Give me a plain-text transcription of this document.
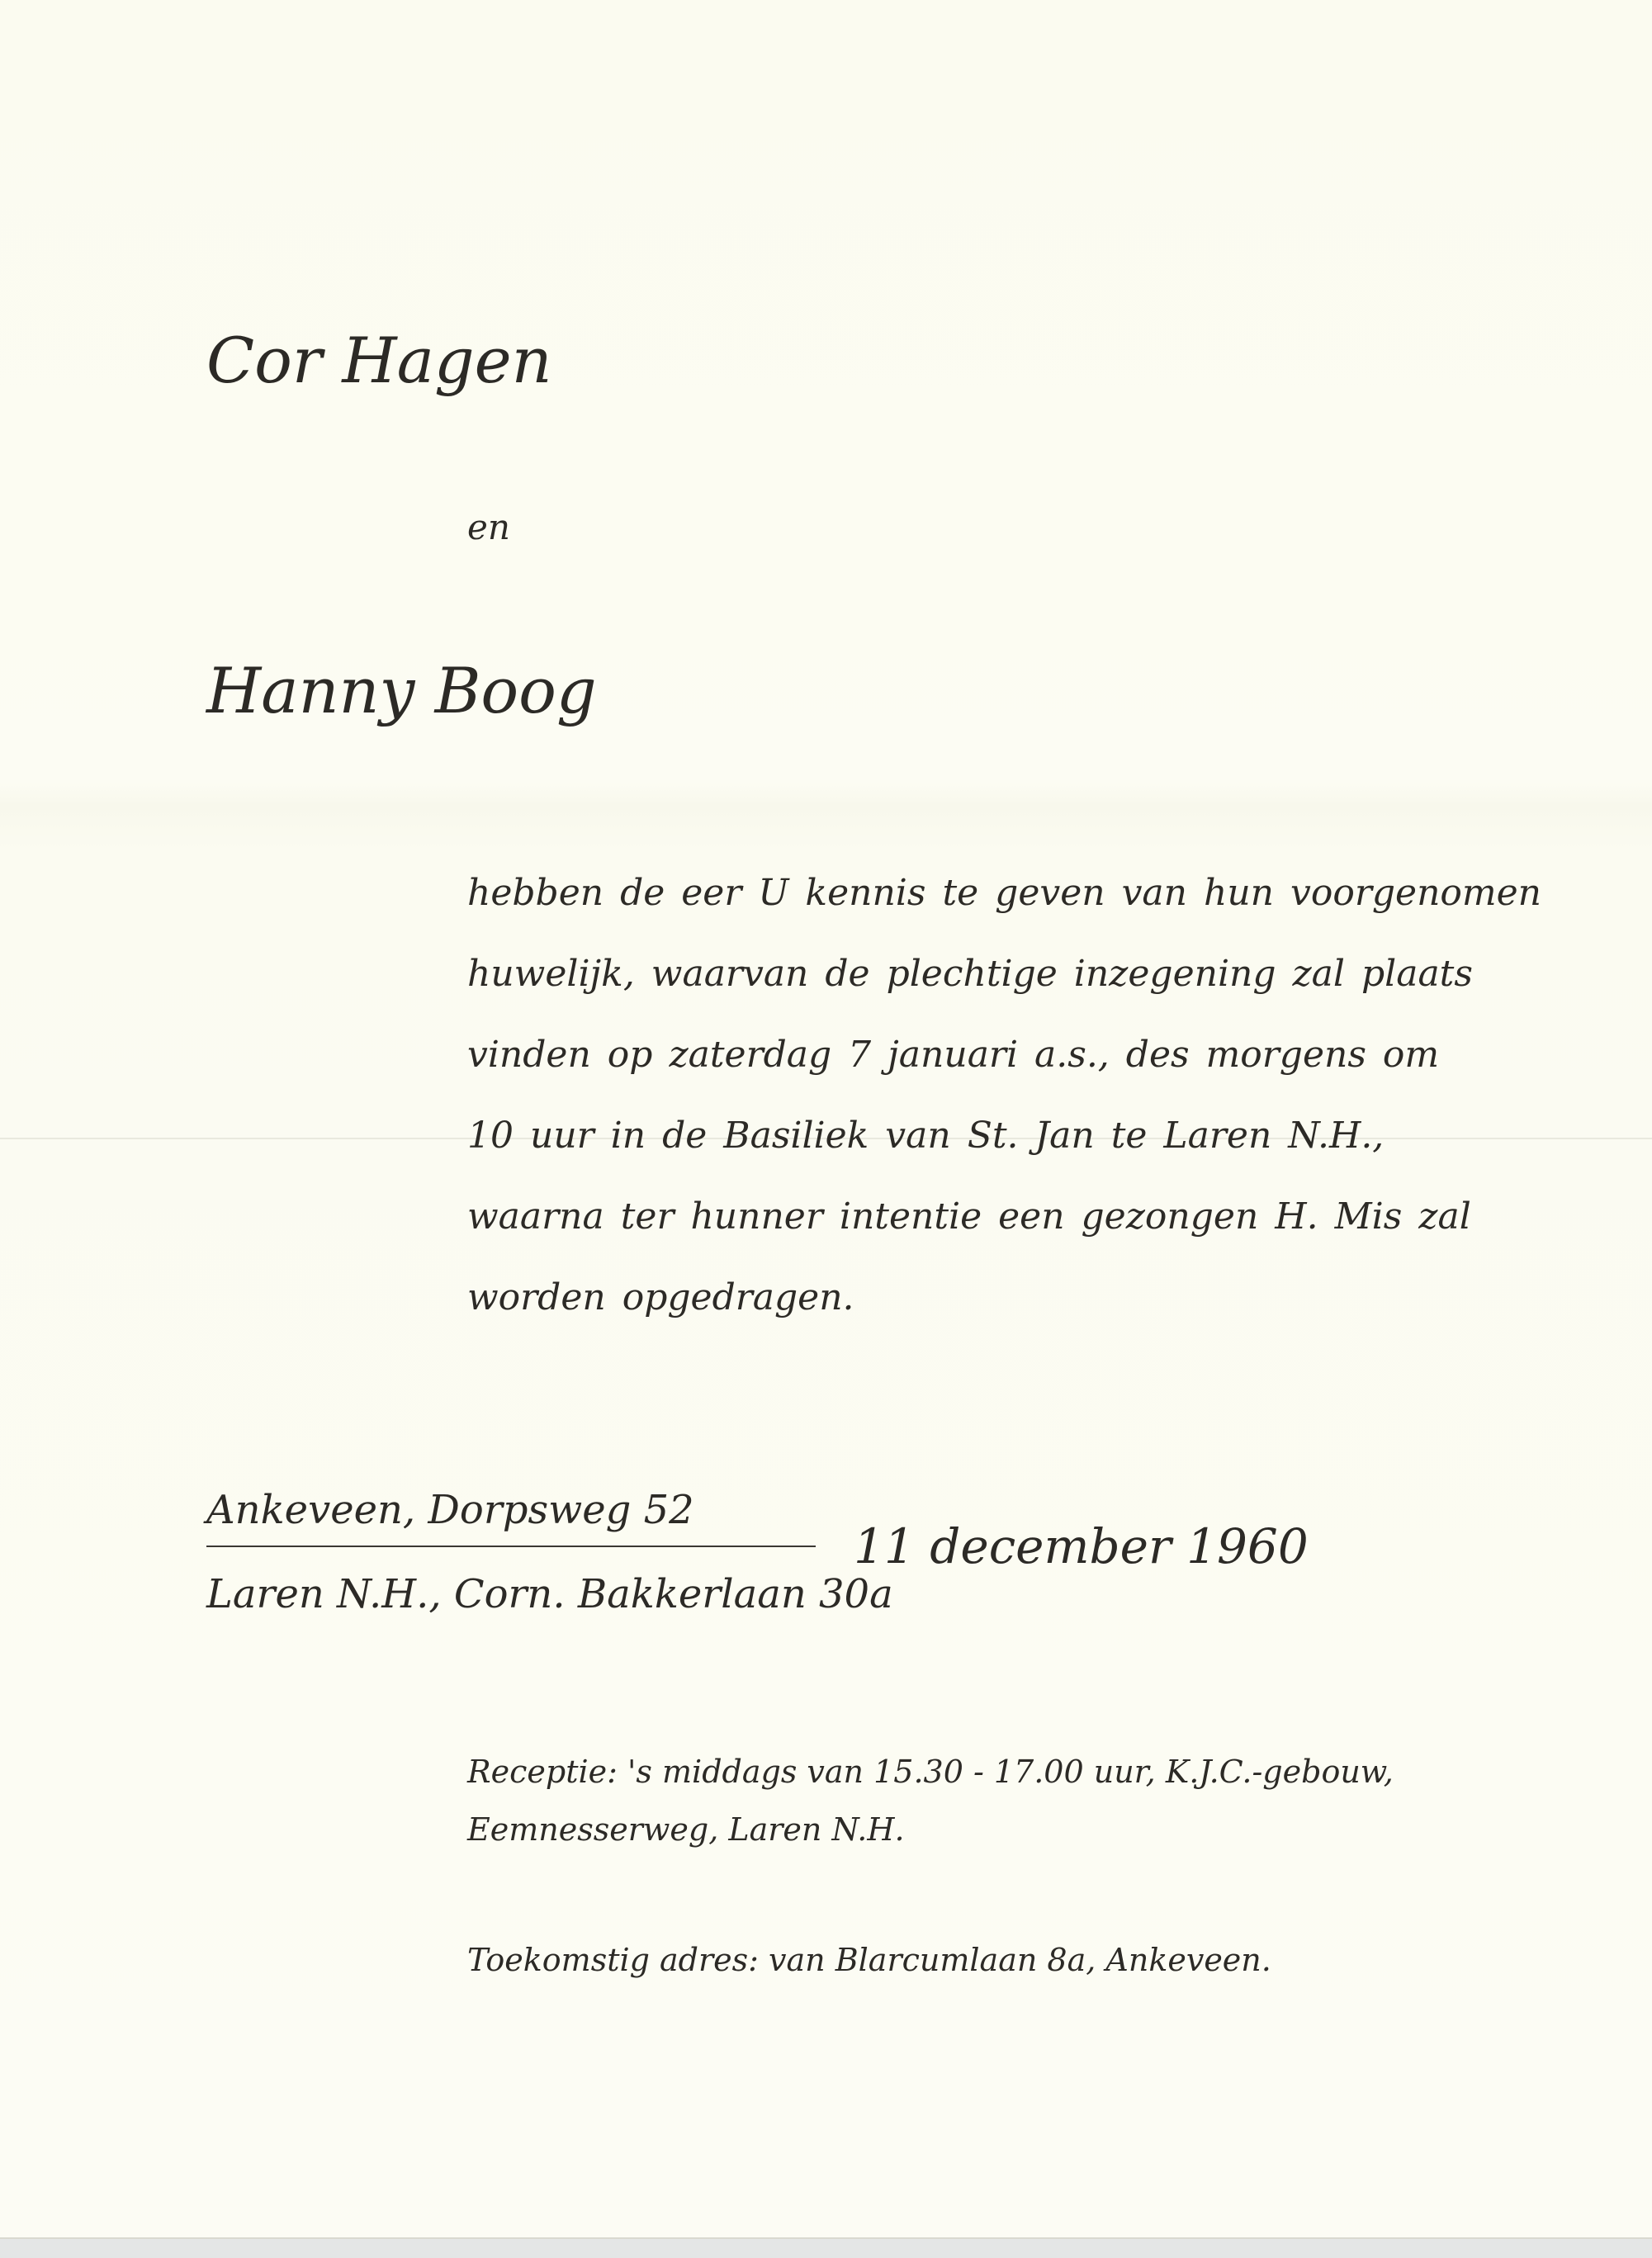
Cor Hagen

en

Hanny Boog

hebben de eer U kennis te geven van hun voorgenomen

huwelijk, waarvan de plechtige inzegening zal plaats

vinden op zaterdag 7 januari a.s., des morgens om

10 uur in de Basiliek van St. Jan te Laren N.H.,

waarna ter hunner intentie een gezongen H. Mis zal

worden opgedragen.

Ankeveen, Dorpsweg 52

Laren N.H., Corn. Bakkerlaan 30a

11 december 1960

Receptie: 's middags van 15.30 - 17.00 uur, K.J.C.-gebouw,

Eemnesserweg, Laren N.H.

Toekomstig adres: van Blarcumlaan 8a, Ankeveen.
